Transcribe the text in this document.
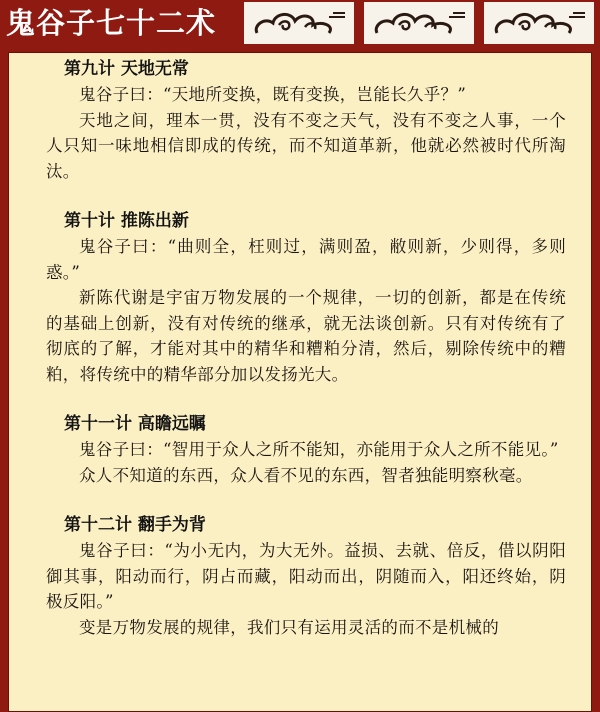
鬼谷子七十二术
第九计 天地无常

鬼谷子曰：“天地所变换，既有变换，岂能长久乎？”

天地之间，理本一贯，没有不变之天气，没有不变之人事，一个人只知一味地相信即成的传统，而不知道革新，他就必然被时代所淘汰。

第十计 推陈出新

鬼谷子曰：“曲则全，枉则过，满则盈，敝则新，少则得，多则惑。”

新陈代谢是宇宙万物发展的一个规律，一切的创新，都是在传统的基础上创新，没有对传统的继承，就无法谈创新。只有对传统有了彻底的了解，才能对其中的精华和糟粕分清，然后，剔除传统中的糟粕，将传统中的精华部分加以发扬光大。

第十一计 高瞻远瞩

鬼谷子曰：“智用于众人之所不能知，亦能用于众人之所不能见。”

众人不知道的东西，众人看不见的东西，智者独能明察秋毫。

第十二计 翻手为背

鬼谷子曰：“为小无内，为大无外。益损、去就、倍反，借以阴阳御其事，阳动而行，阴占而藏，阳动而出，阴随而入，阳还终始，阴极反阳。”

变是万物发展的规律，我们只有运用灵活的而不是机械的
